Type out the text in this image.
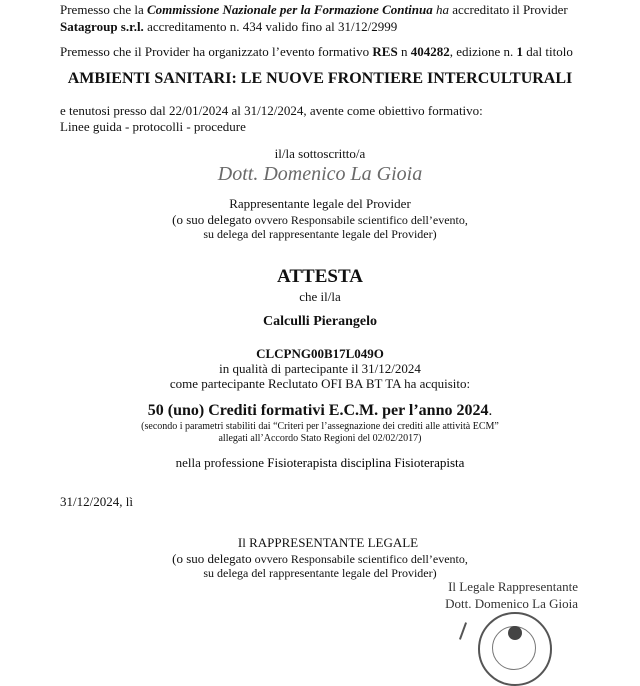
Premesso che la Commissione Nazionale per la Formazione Continua ha accreditato il Provider
Satagroup s.r.l. accreditamento n. 434 valido fino al 31/12/2999
Premesso che il Provider ha organizzato l’evento formativo RES n 404282, edizione n. 1 dal titolo
AMBIENTI SANITARI: LE NUOVE FRONTIERE INTERCULTURALI
e tenutosi presso dal 22/01/2024 al 31/12/2024, avente come obiettivo formativo:
Linee guida - protocolli - procedure
il/la sottoscritto/a
Dott. Domenico La Gioia
Rappresentante legale del Provider
(o suo delegato ovvero Responsabile scientifico dell’evento,
su delega del rappresentante legale del Provider)
ATTESTA
che il/la
Calculli Pierangelo
CLCPNG00B17L049O
in qualità di partecipante il 31/12/2024
come partecipante Reclutato OFI BA BT TA ha acquisito:
50 (uno) Crediti formativi E.C.M. per l’anno 2024.
(secondo i parametri stabiliti dai “Criteri per l’assegnazione dei crediti alle attività ECM”
allegati all’Accordo Stato Regioni del 02/02/2017)
nella professione Fisioterapista disciplina Fisioterapista
31/12/2024, lì
Il RAPPRESENTANTE LEGALE
(o suo delegato ovvero Responsabile scientifico dell’evento,
su delega del rappresentante legale del Provider)
Il Legale Rappresentante
Dott. Domenico La Gioia
